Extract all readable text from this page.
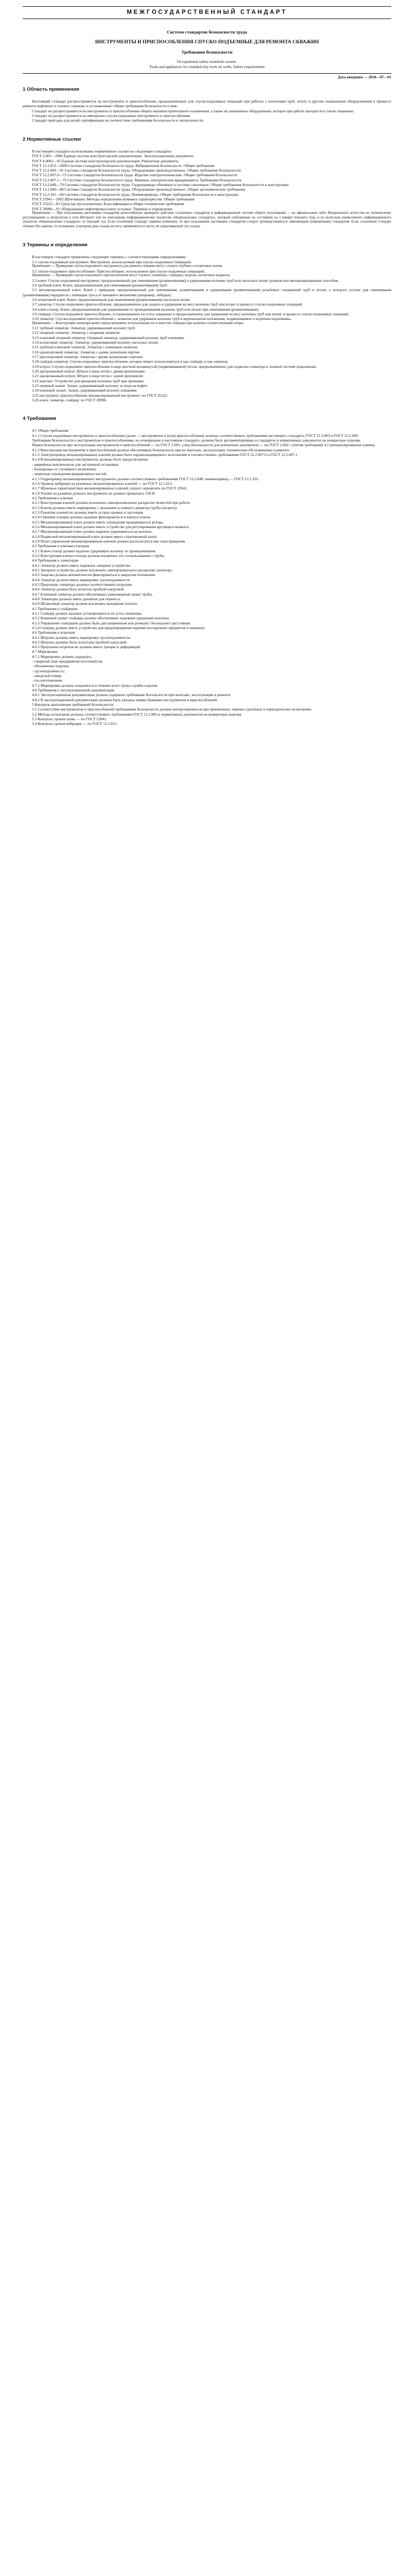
МЕЖГОСУДАРСТВЕННЫЙ СТАНДАРТ
Система стандартов безопасности труда
ИНСТРУМЕНТЫ И ПРИСПОСОБЛЕНИЯ СПУСКО-ПОДЪЕМНЫЕ ДЛЯ РЕМОНТА СКВАЖИН
Требования безопасности
Occupational safety standards system.
Tools and appliances for rounded-trip work on wells. Safety requirements
Дата введения — 2018—07—01
1 Область применения

Настоящий стандарт распространяется на инструменты и приспособления, предназначенные для спуско-подъемных операций при работах с колоннами труб, штанг и другим скважинным оборудованием в процессе ремонта нефтяных и газовых скважин, и устанавливает общие требования безопасности к ним.

Стандарт не распространяется на инструменты и приспособления общего машиностроительного назначения, а также на скважинное оборудование, которое при работе находится в стволе скважины.

Стандарт не распространяется на импортные спуско-подъемные инструменты и приспособления.

Стандарт пригоден для целей сертификации на соответствие требованиям безопасности и экологичности.

2 Нормативные ссылки

В настоящем стандарте использованы нормативные ссылки на следующие стандарты:

ГОСТ 2.601—2006 Единая система конструкторской документации. Эксплуатационные документы

ГОСТ 8.4002—95 Единая система конструкторской документации. Ремонтные документы

ГОСТ 12.1.012—2004 Система стандартов безопасности труда. Вибрационная безопасность. Общие требования

ГОСТ 12.2.003—91 Система стандартов безопасности труда. Оборудование производственное. Общие требования безопасности

ГОСТ 12.2.007.0—75 Система стандартов безопасности труда. Изделия электротехнические. Общие требования безопасности

ГОСТ 12.2.007.1—75 Система стандартов безопасности труда. Машины электрические вращающиеся. Требования безопасности

ГОСТ 12.2.040—79 Система стандартов безопасности труда. Гидроприводы объемные и системы смазочные. Общие требования безопасности к конструкции

ГОСТ 12.2.049—80 Система стандартов безопасности труда. Оборудование производственное. Общие эргономические требования

ГОСТ 12.2.101—84 Система стандартов безопасности труда. Пневмоприводы. Общие требования безопасности к конструкции

ГОСТ 23941—2002 Шум машин. Методы определения шумовых характеристик. Общие требования

ГОСТ 25222—81 Средства грузозахватные. Классификация и общие технические требования

ГОСТ 28996—91 Оборудование нефтепромысловое устьевое. Термины и определения

Примечание — При пользовании настоящим стандартом целесообразно проверить действие ссылочных стандартов в информационной системе общего пользования — на официальном сайте Федерального агентства по техническому регулированию и метрологии в сети Интернет или по ежегодному информационному указателю «Национальные стандарты», который опубликован по состоянию на 1 января текущего года, и по выпускам ежемесячного информационного указателя «Национальные стандарты» за текущий год. Если ссылочный стандарт заменен (изменен), то при пользовании настоящим стандартом следует руководствоваться заменяющим (измененным) стандартом. Если ссылочный стандарт отменен без замены, то положение, в котором дана ссылка на него, применяется в части, не затрагивающей эту ссылку.

3 Термины и определения

В настоящем стандарте применены следующие термины с соответствующими определениями:

3.1 спуско-подъемный инструмент: Инструмент, используемый при спуско-подъемных операциях.

Примечание — Примерами спуско-подъемного инструмента для ремонта скважин могут служить трубные и штанговые ключи.

3.2 спуско-подъемное приспособление: Приспособление, используемое при спуско-подъемных операциях.

Примечание — Примерами спуско-подъемного приспособления могут служить элеваторы, спайдеры, штропы, штанговые подвески.

3.3 ключ: Спуско-подъемный инструмент, предназначенный для свинчивания (развинчивания) и удерживания колонны труб или насосных штанг ручным или механизированным способом.

3.4 трубный ключ: Ключ, предназначенный для свинчивания (развинчивания) труб.

3.5 механизированный ключ: Ключ с приводом, предназначенный для свинчивания, развинчивания и удерживания (развинчивания) резьбовых соединений труб и штанг, у которого усилие для свинчивания (развинчивания) передается с помощью троса от внешнего механизма (например, лебедки).

3.6 штанговый ключ: Ключ, предназначенный для свинчивания (развинчивания) насосных штанг.

3.7 элеватор: Спуско-подъемное приспособление, предназначенное для захвата и удержания на весу колонны труб или штанг в процессе спуско-подъемных операций.

3.8 ключ-стопор: Ключ, предназначенный для удерживания от проворачивания колонны труб или штанг при свинчивании (развинчивании).

3.9 спайдер: Спуско-подъемное приспособление, устанавливаемое на устье скважины и предназначенное для удержания на весу колонны труб или штанг в процессе спуско-подъемных операций.

3.10 элеватор: Спуско-подъемное приспособление с захватом для удержания колонны труб в вертикальном положении, подвешиваемое к штропам подъемника.

Примечание — Конструкция элеватора может предусматривать использование его в качестве спайдера при наличии соответствующей опоры.

3.11 трубный элеватор: Элеватор, удерживающий колонну труб.

3.12 опорный элеватор: Элеватор с опорным захватом.

3.13 клиновой опорный элеватор: Опорный элеватор, удерживающий колонну труб клиньями.

3.14 штанговый элеватор: Элеватор, удерживающий колонну насосных штанг.

3.15 трубный клиновой элеватор: Элеватор с клиновым захватом.

3.16 однопортовый элеватор: Элеватор с одним захватным портом.

3.17 двухпортовый элеватор: Элеватор с двумя захватными портами.

3.18 спайдер-элеватор: Спуско-подъемное приспособление, которое может использоваться и как спайдер, и как элеватор.

3.19 штроп: Спуско-подъемное приспособление в виде жесткой незамкнутой (подвешиваемой) петли, предназначенное для подвески элеватора к талевой системе подъемника.

3.20 двухрожковый штроп: Штроп в виде петли с двумя проушинами.

3.21 однорожковый штроп: Штроп в виде петли с одной проушиной.

3.22 вертлюг: Устройство для вращения колонны труб при промывке.

3.23 опорный захват: Захват, удерживающий колонну за упор на муфте.

3.24 клиновой захват: Захват, удерживающий колонну клиньями.

3.25 инструмент, приспособления, механизированный инструмент: по ГОСТ 25222.

3.26 ключ, элеватор, спайдер: по ГОСТ 28996.

4 Требования

4.1 Общие требования

4.1.1 Спуско-подъемные инструменты и приспособления (далее — инструменты и (или) приспособления) должны соответствовать требованиям настоящего стандарта, ГОСТ 12.2.003 и ГОСТ 12.2.049.

Требования безопасности к инструментам и приспособлениям, не оговоренные в настоящем стандарте, должны быть регламентированы в стандартах и нормативных документах на конкретные изделия.

Марки безопасности при эксплуатации инструментов и приспособлений — по ГОСТ 2.601, а вид безопасности для ремонтных документов — по ГОСТ 2.602 с учетом требований 4.2 (механизированные ключи).

4.1.2 Конструкция инструментов и приспособлений должна обеспечивать безопасность при их монтаже, эксплуатации, техническом обслуживании и ремонте.

4.1.3 Электропривод механизированных ключей должен быть взрывозащищенного исполнения и соответствовать требованиям ГОСТ 12.2.007.0 и ГОСТ 12.2.007.1.

4.1.4 В механизированных инструментах должны быть предусмотрены:

- аварийные выключатели для экстренной остановки;

- блокировка от случайного включения;

- защитные ограждения вращающихся частей.

4.1.5 Гидропривод механизированного инструмента должен соответствовать требованиям ГОСТ 12.2.040, пневмопривод — ГОСТ 12.2.101.

4.1.6 Уровень вибрации на рукоятках механизированных ключей — по ГОСТ 12.1.012.

4.1.7 Шумовые характеристики механизированных ключей следует определять по ГОСТ 23941.

4.1.8 Усилие на рукоятке ручного инструмента не должно превышать 150 Н.

4.2 Требования к ключам

4.2.1 Конструкция ключей должна исключать самопроизвольное раскрытие челюстей при работе.

4.2.2 Ключи должны иметь маркировку с указанием условного диаметра трубы (штанги).

4.2.3 Рукоятки ключей не должны иметь острых кромок и заусенцев.

4.2.4 Сменные плашки должны надежно фиксироваться в корпусе ключа.

4.2.5 Механизированный ключ должен иметь ограждение вращающегося ротора.

4.2.6 Механизированный ключ должен иметь устройство для регулирования крутящего момента.

4.2.7 Механизированный ключ должен надежно удерживаться на колонне.

4.2.8 Подвесной механизированный ключ должен иметь страховочный канат.

4.2.9 Пульт управления механизированным ключом должен располагаться вне зоны вращения.

4.3 Требования к ключам-стопорам

4.3.1 Ключ-стопор должен надежно удерживать колонну от проворачивания.

4.3.2 Конструкция ключа-стопора должна исключать его соскальзывание с трубы.

4.4 Требования к элеваторам

4.4.1 Элеватор должен иметь надежное запорное устройство.

4.4.2 Запорное устройство должно исключать самопроизвольное раскрытие элеватора.

4.4.3 Защелка должна автоматически фиксироваться в закрытом положении.

4.4.4 Элеватор должен иметь маркировку грузоподъемности.

4.4.5 Проушины элеватора должны соответствовать штропам.

4.4.6 Элеватор должен быть испытан пробной нагрузкой.

4.4.7 Клиновой элеватор должен обеспечивать равномерный захват трубы.

4.4.8 Элеваторы должны иметь рукоятки для переноса.

4.4.9 Штанговый элеватор должен исключать выпадение штанги.

4.5 Требования к спайдерам

4.5.1 Спайдер должен надежно устанавливаться на устье скважины.

4.5.2 Клиновой захват спайдера должен обеспечивать надежное удержание колонны.

4.5.3 Управление спайдером должно быть дистанционным или ручным с безопасного расстояния.

4.5.4 Спайдер должен иметь устройство для предотвращения падения посторонних предметов в скважину.

4.6 Требования к штропам

4.6.1 Штропы должны иметь маркировку грузоподъемности.

4.6.2 Штропы должны быть испытаны пробной нагрузкой.

4.6.3 Проушины штропов не должны иметь трещин и деформаций.

4.7 Маркировка

4.7.1 Маркировка должна содержать:

- товарный знак предприятия-изготовителя;

- обозначение изделия;

- грузоподъемность;

- заводской номер;

- год изготовления.

4.7.2 Маркировка должна сохраняться в течение всего срока службы изделия.

4.8 Требования к эксплуатационной документации

4.8.1 Эксплуатационная документация должна содержать требования безопасности при монтаже, эксплуатации и ремонте.

4.8.2 В эксплуатационной документации должны быть указаны нормы браковки инструментов и приспособлений.

5 Контроль выполнения требований безопасности

5.1 Соответствие инструментов и приспособлений требованиям безопасности должно контролироваться при приемочных, приемо-сдаточных и периодических испытаниях.

5.2 Методы испытаний должны соответствовать требованиям ГОСТ 12.2.003 и нормативных документов на конкретные изделия.

5.3 Контроль уровня шума — по ГОСТ 23941.

5.4 Контроль уровня вибрации — по ГОСТ 12.1.012.
